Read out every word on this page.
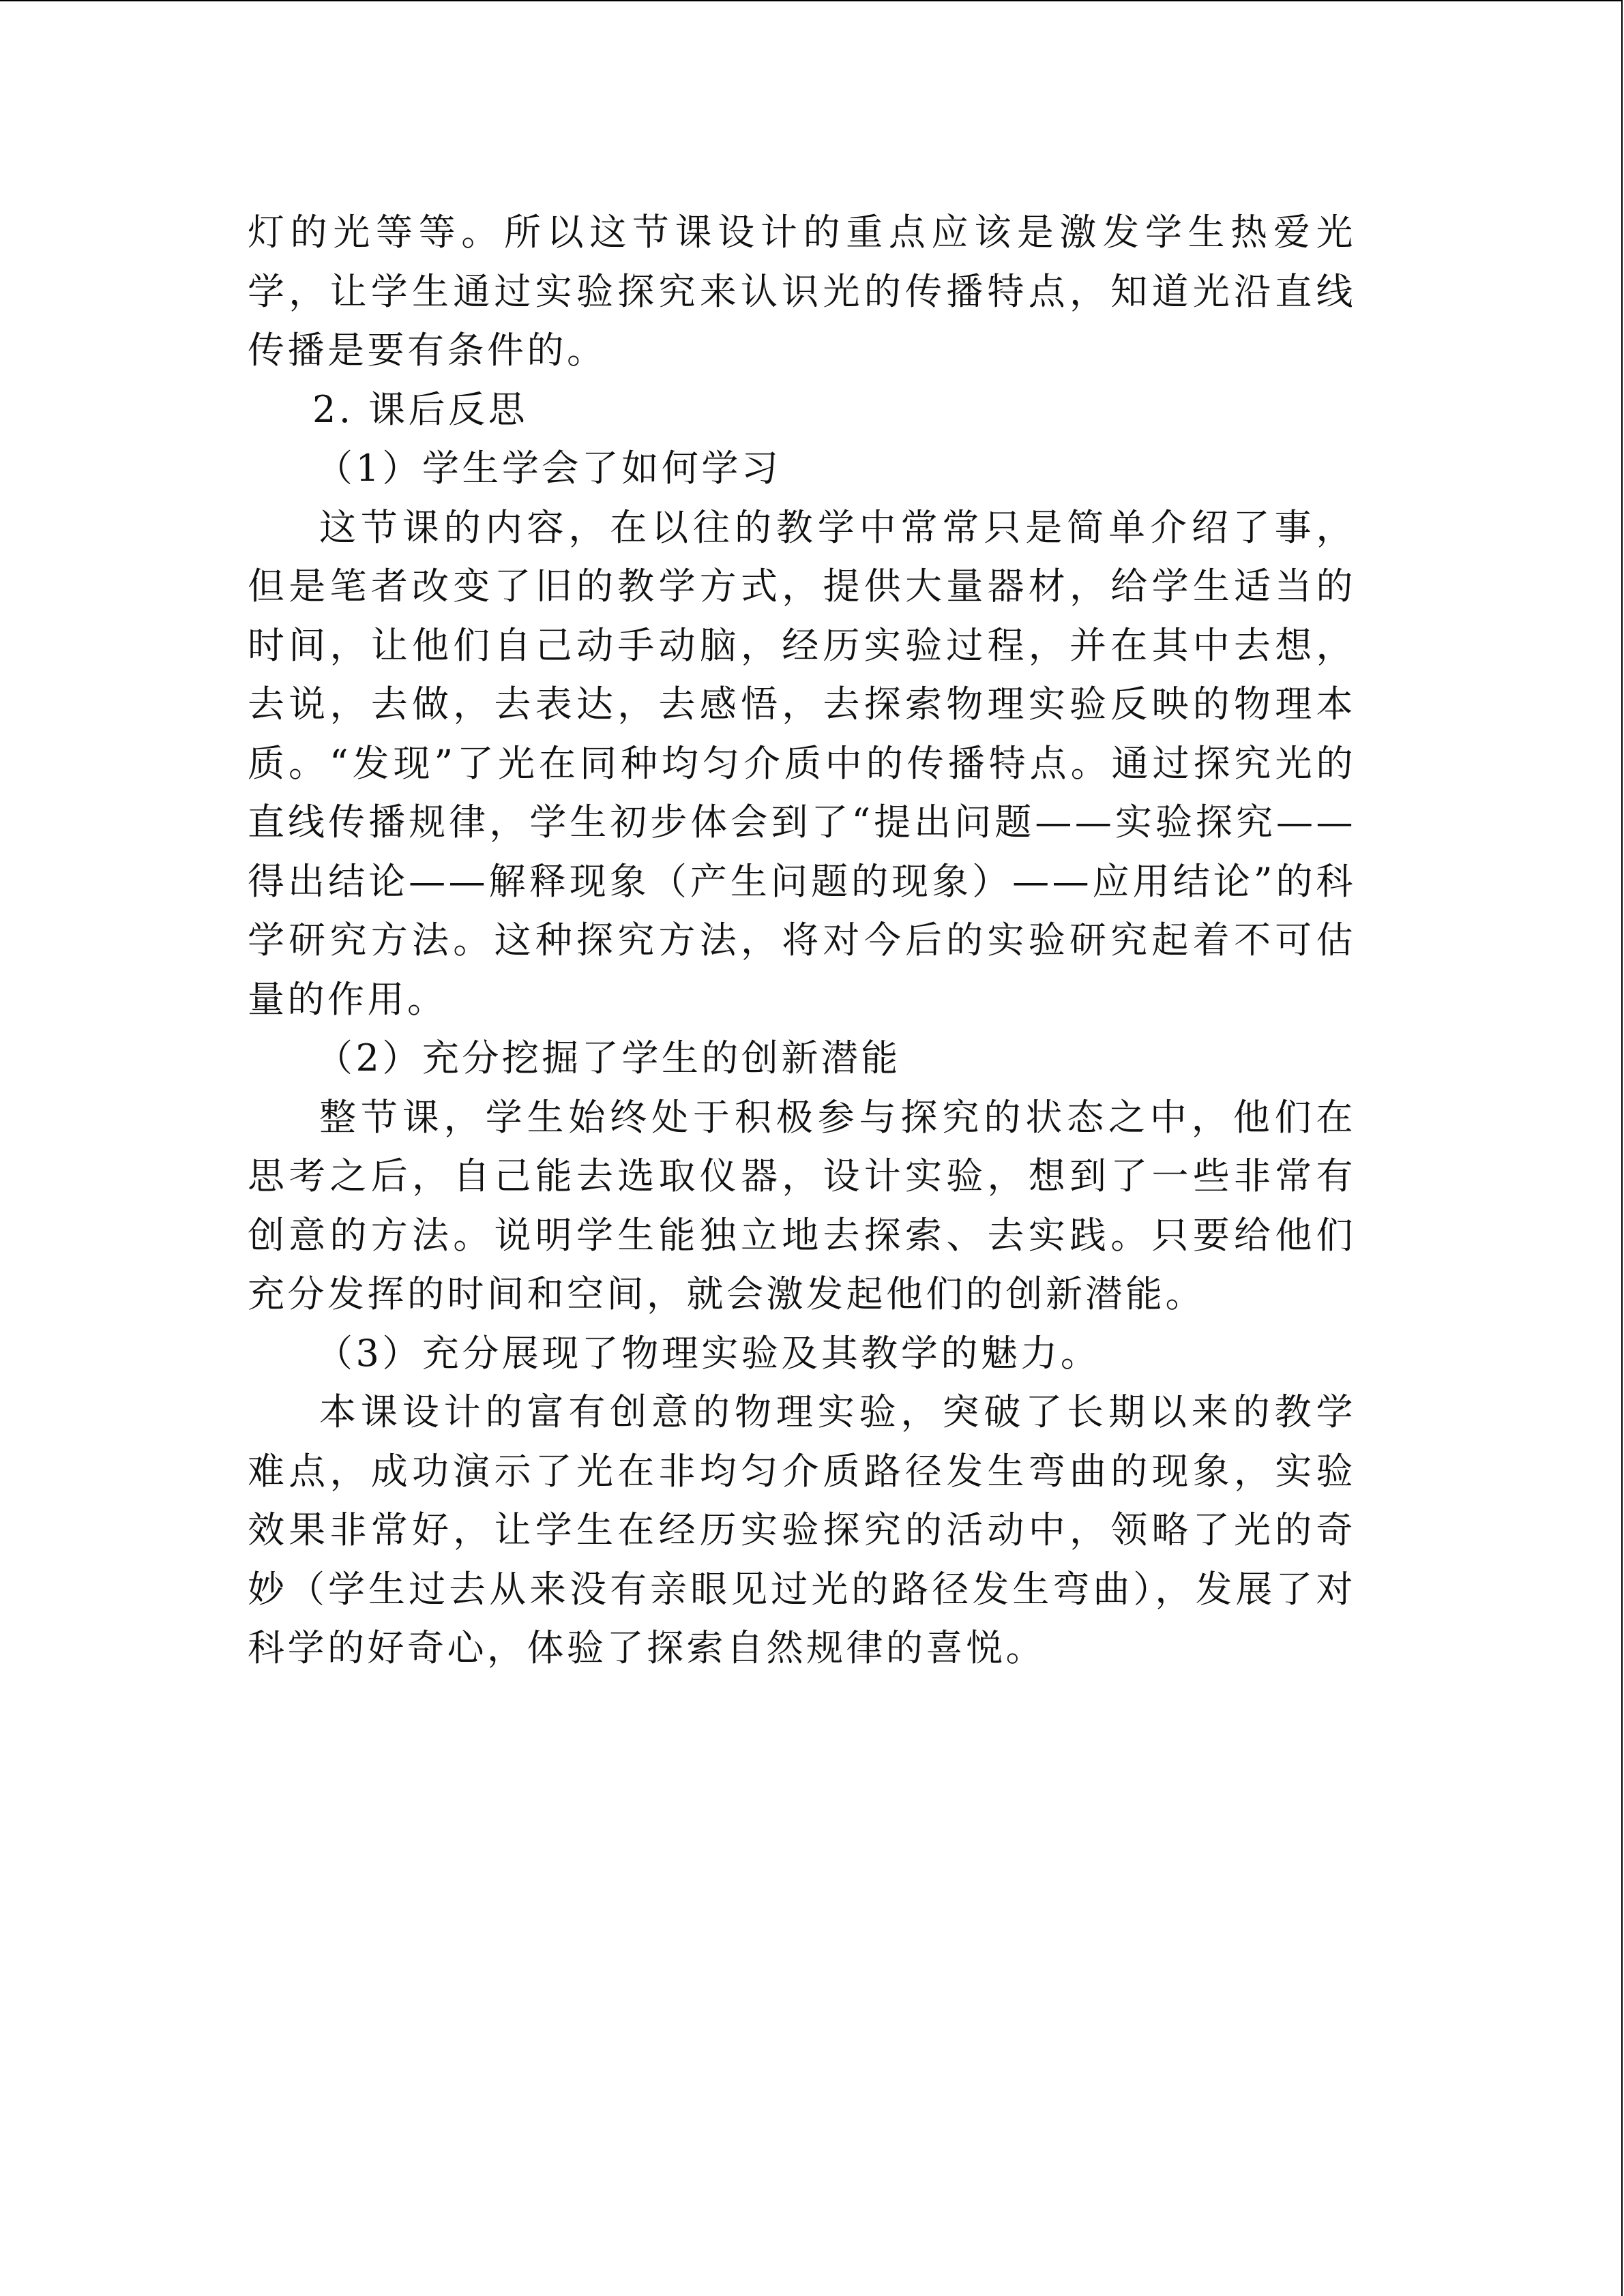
灯的光等等。所以这节课设计的重点应该是激发学生热爱光学，让学生通过实验探究来认识光的传播特点，知道光沿直线传播是要有条件的。

2. 课后反思

（1）学生学会了如何学习

这节课的内容，在以往的教学中常常只是简单介绍了事，但是笔者改变了旧的教学方式，提供大量器材，给学生适当的时间，让他们自己动手动脑，经历实验过程，并在其中去想，去说，去做，去表达，去感悟，去探索物理实验反映的物理本质。“发现”了光在同种均匀介质中的传播特点。通过探究光的直线传播规律，学生初步体会到了“提出问题——实验探究——得出结论——解释现象（产生问题的现象）——应用结论”的科学研究方法。这种探究方法，将对今后的实验研究起着不可估量的作用。

（2）充分挖掘了学生的创新潜能

整节课，学生始终处于积极参与探究的状态之中，他们在思考之后，自己能去选取仪器，设计实验，想到了一些非常有创意的方法。说明学生能独立地去探索、去实践。只要给他们充分发挥的时间和空间，就会激发起他们的创新潜能。

（3）充分展现了物理实验及其教学的魅力。

本课设计的富有创意的物理实验，突破了长期以来的教学难点，成功演示了光在非均匀介质路径发生弯曲的现象，实验效果非常好，让学生在经历实验探究的活动中，领略了光的奇妙（学生过去从来没有亲眼见过光的路径发生弯曲），发展了对科学的好奇心，体验了探索自然规律的喜悦。
